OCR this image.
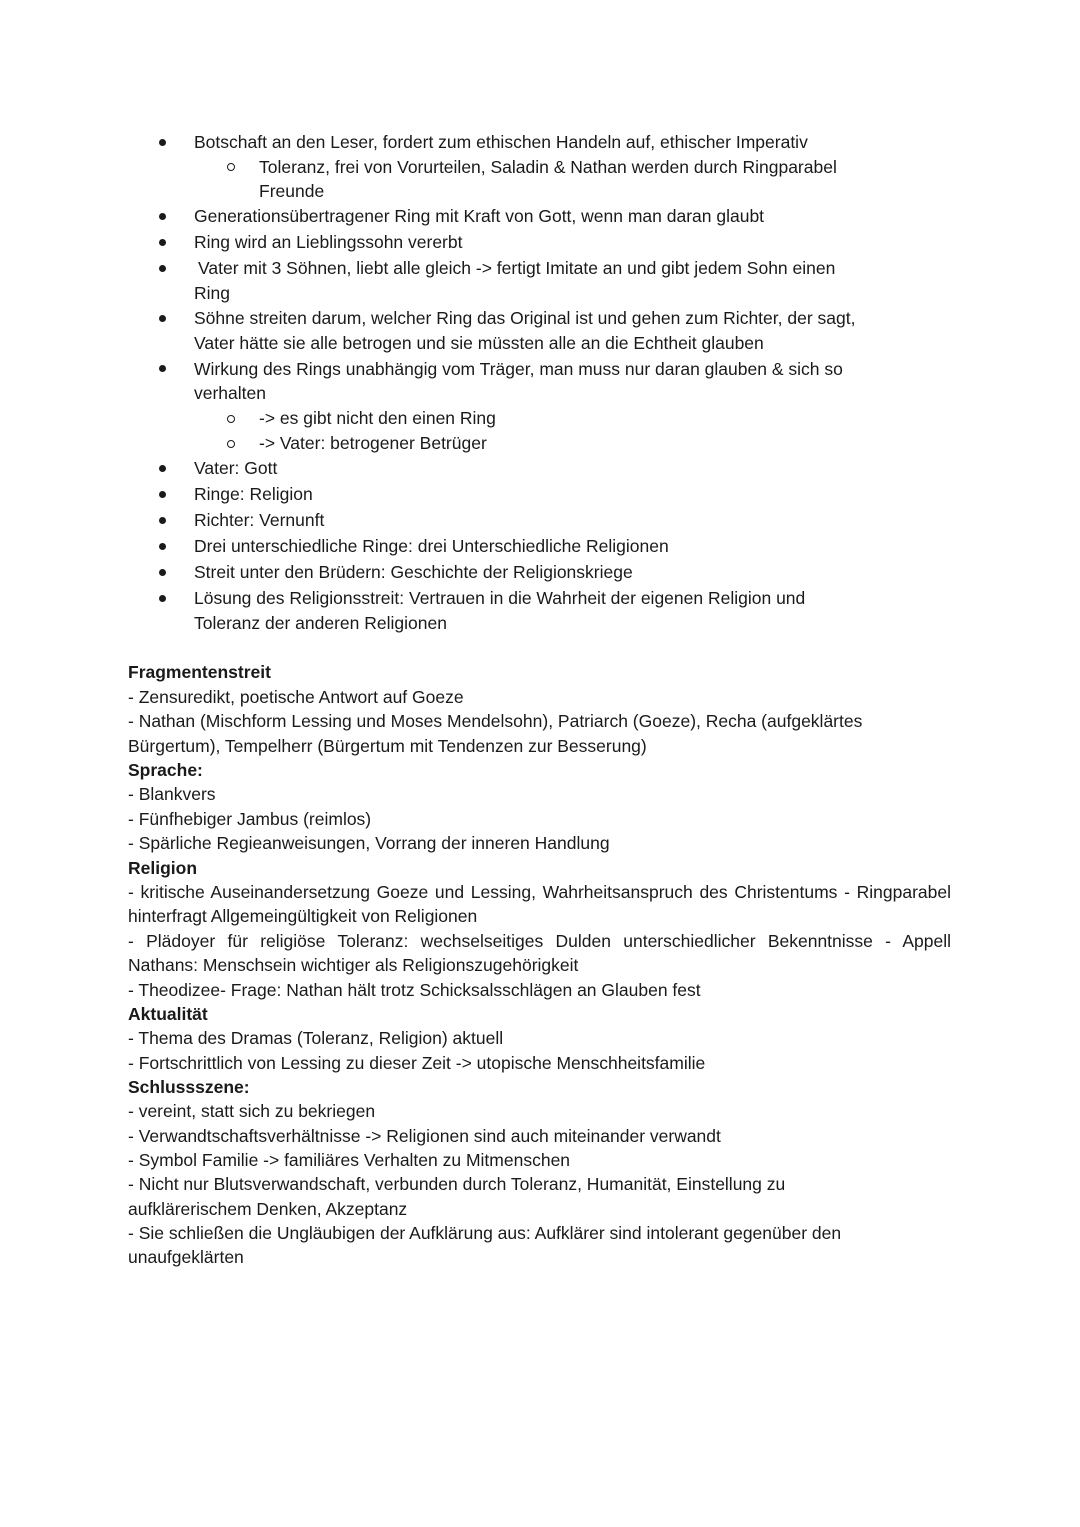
Botschaft an den Leser, fordert zum ethischen Handeln auf, ethischer Imperativ
Toleranz, frei von Vorurteilen, Saladin & Nathan werden durch Ringparabel
Freunde
Generationsübertragener Ring mit Kraft von Gott, wenn man daran glaubt
Ring wird an Lieblingssohn vererbt
Vater mit 3 Söhnen, liebt alle gleich -> fertigt Imitate an und gibt jedem Sohn einen
Ring
Söhne streiten darum, welcher Ring das Original ist und gehen zum Richter, der sagt,
Vater hätte sie alle betrogen und sie müssten alle an die Echtheit glauben
Wirkung des Rings unabhängig vom Träger, man muss nur daran glauben & sich so
verhalten
-> es gibt nicht den einen Ring
-> Vater: betrogener Betrüger
Vater: Gott
Ringe: Religion
Richter: Vernunft
Drei unterschiedliche Ringe: drei Unterschiedliche Religionen
Streit unter den Brüdern: Geschichte der Religionskriege
Lösung des Religionsstreit: Vertrauen in die Wahrheit der eigenen Religion und
Toleranz der anderen Religionen
Fragmentenstreit
- Zensuredikt, poetische Antwort auf Goeze
- Nathan (Mischform Lessing und Moses Mendelsohn), Patriarch (Goeze), Recha (aufgeklärtes
Bürgertum), Tempelherr (Bürgertum mit Tendenzen zur Besserung)
Sprache:
- Blankvers
- Fünfhebiger Jambus (reimlos)
- Spärliche Regieanweisungen, Vorrang der inneren Handlung
Religion
- kritische Auseinandersetzung Goeze und Lessing, Wahrheitsanspruch des Christentums - Ringparabel
hinterfragt Allgemeingültigkeit von Religionen
- Plädoyer für religiöse Toleranz: wechselseitiges Dulden unterschiedlicher Bekenntnisse - Appell
Nathans: Menschsein wichtiger als Religionszugehörigkeit
- Theodizee- Frage: Nathan hält trotz Schicksalsschlägen an Glauben fest
Aktualität
- Thema des Dramas (Toleranz, Religion) aktuell
- Fortschrittlich von Lessing zu dieser Zeit -> utopische Menschheitsfamilie
Schlussszene:
- vereint, statt sich zu bekriegen
- Verwandtschaftsverhältnisse -> Religionen sind auch miteinander verwandt
- Symbol Familie -> familiäres Verhalten zu Mitmenschen
- Nicht nur Blutsverwandschaft, verbunden durch Toleranz, Humanität, Einstellung zu
aufklärerischem Denken, Akzeptanz
- Sie schließen die Ungläubigen der Aufklärung aus: Aufklärer sind intolerant gegenüber den
unaufgeklärten
